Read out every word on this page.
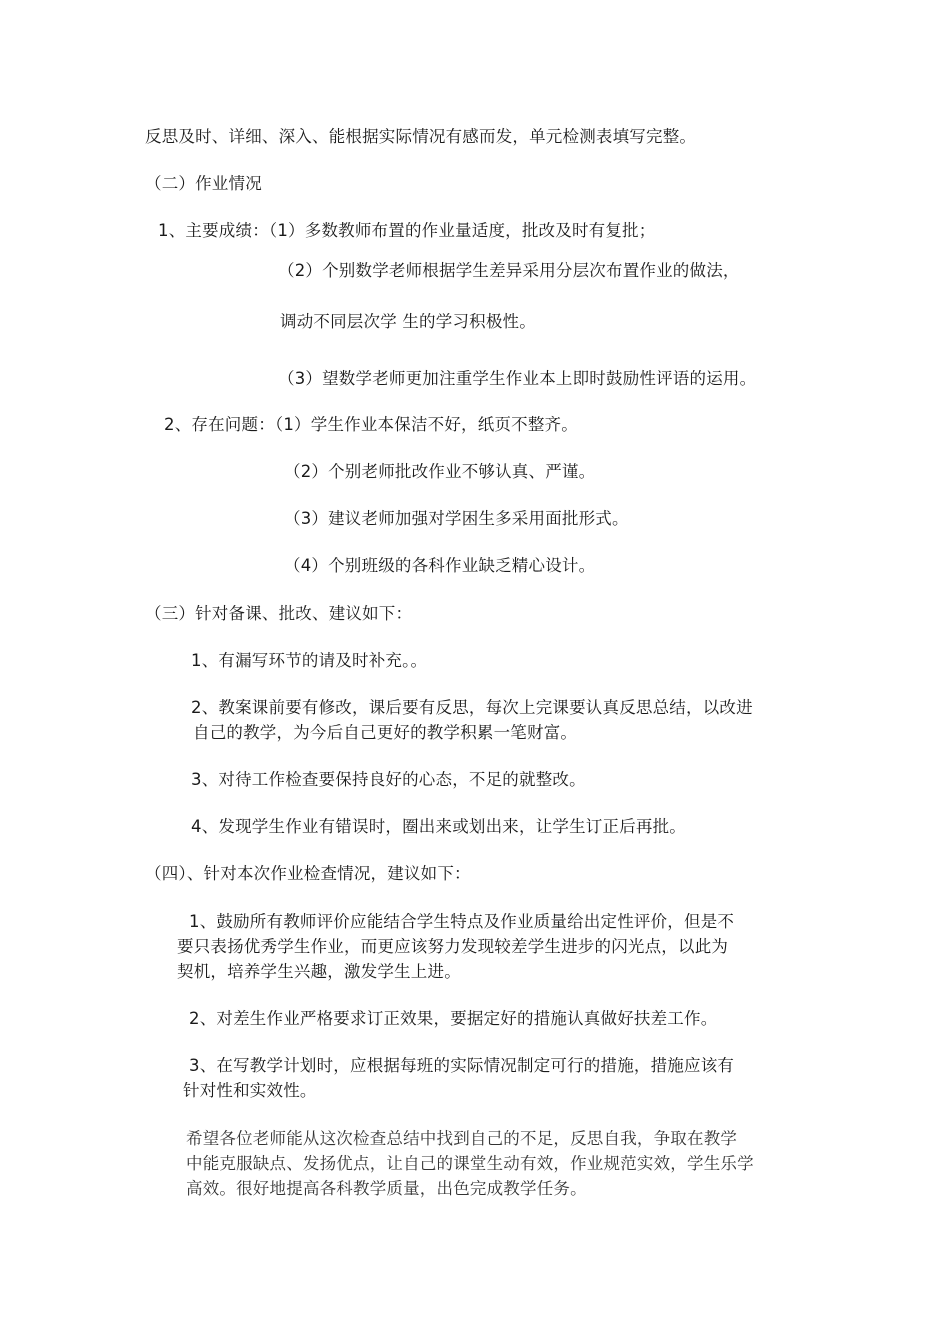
反思及时、详细、深入、能根据实际情况有感而发，单元检测表填写完整。
（二）作业情况
1、主要成绩：（1）多数教师布置的作业量适度，批改及时有复批；
（2）个别数学老师根据学生差异采用分层次布置作业的做法，
调动不同层次学 生的学习积极性。
（3）望数学老师更加注重学生作业本上即时鼓励性评语的运用。
2、存在问题：（1）学生作业本保洁不好，纸页不整齐。
（2）个别老师批改作业不够认真、严谨。
（3）建议老师加强对学困生多采用面批形式。
（4）个别班级的各科作业缺乏精心设计。
（三）针对备课、批改、建议如下：
1、有漏写环节的请及时补充。。
2、教案课前要有修改，课后要有反思，每次上完课要认真反思总结，以改进
自己的教学，为今后自己更好的教学积累一笔财富。
3、对待工作检查要保持良好的心态，不足的就整改。
4、发现学生作业有错误时，圈出来或划出来，让学生订正后再批。
（四）、针对本次作业检查情况，建议如下：
1、鼓励所有教师评价应能结合学生特点及作业质量给出定性评价，但是不
要只表扬优秀学生作业，而更应该努力发现较差学生进步的闪光点，以此为
契机，培养学生兴趣，激发学生上进。
2、对差生作业严格要求订正效果，要据定好的措施认真做好扶差工作。
3、在写教学计划时，应根据每班的实际情况制定可行的措施，措施应该有
针对性和实效性。
希望各位老师能从这次检查总结中找到自己的不足，反思自我，争取在教学
中能克服缺点、发扬优点，让自己的课堂生动有效，作业规范实效，学生乐学
高效。很好地提高各科教学质量，出色完成教学任务。
